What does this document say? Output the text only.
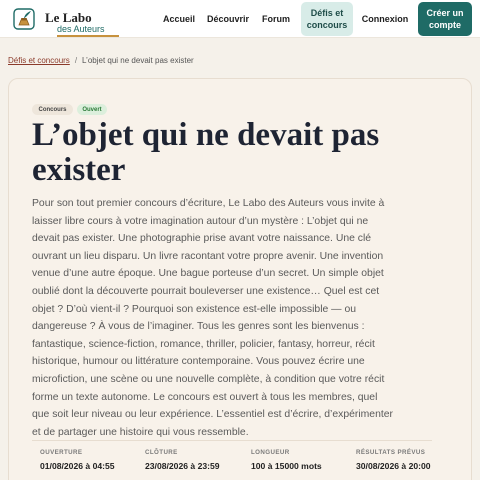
Le Labo
des Auteurs
Accueil	Découvrir Forum
Défis et
concours
Connexion
Créer un
compte
Défis et concours / L’objet qui ne devait pas exister
Concours	Ouvert
L’objet qui ne devait pas exister

Pour son tout premier concours d’écriture, Le Labo des Auteurs vous invite à laisser libre cours à votre imagination autour d’un mystère : L’objet qui ne devait pas exister. Une photographie prise avant votre naissance. Une clé ouvrant un lieu disparu. Un livre racontant votre propre avenir. Une invention venue d’une autre époque. Une bague porteuse d’un secret. Un simple objet oublié dont la découverte pourrait bouleverser une existence… Quel est cet objet ? D’où vient-il ? Pourquoi son existence est-elle impossible — ou dangereuse ? À vous de l’imaginer. Tous les genres sont les bienvenus : fantastique, science-fiction, romance, thriller, policier, fantasy, horreur, récit historique, humour ou littérature contemporaine. Vous pouvez écrire une microfiction, une scène ou une nouvelle complète, à condition que votre récit forme un texte autonome. Le concours est ouvert à tous les membres, quel que soit leur niveau ou leur expérience. L’essentiel est d’écrire, d’expérimenter et de partager une histoire qui vous ressemble.

OUVERTURE
01/08/2026 à 04:55
CLÔTURE
23/08/2026 à 23:59
LONGUEUR
100 à 15000 mots
RÉSULTATS PRÉVUS
30/08/2026 à 20:00
